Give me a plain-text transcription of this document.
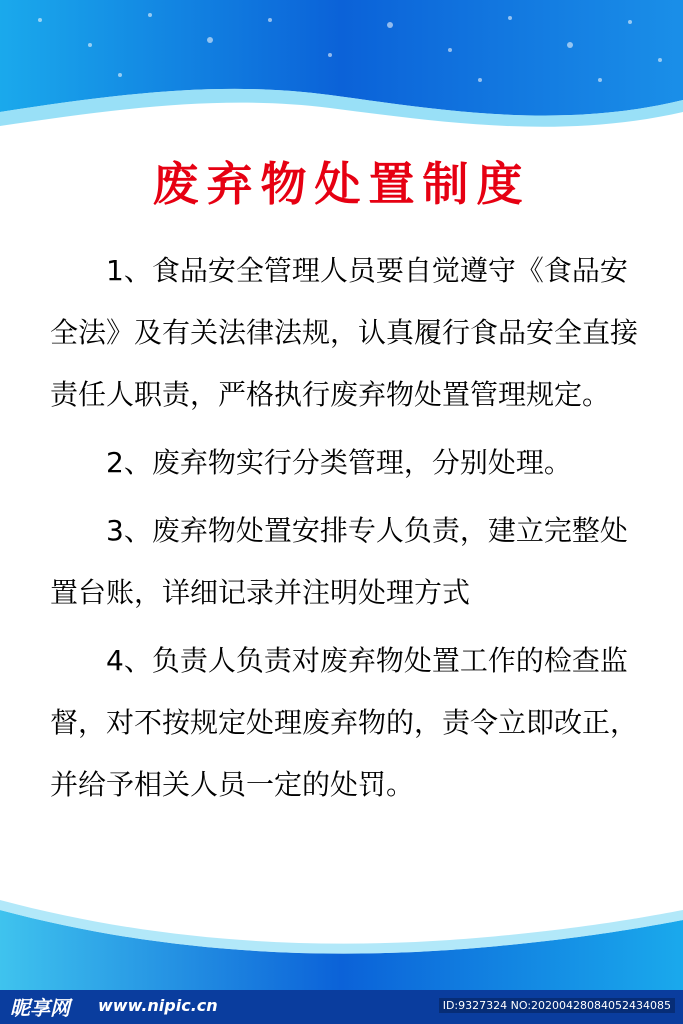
废弃物处置制度

1、食品安全管理人员要自觉遵守《食品安全法》及有关法律法规，认真履行食品安全直接责任人职责，严格执行废弃物处置管理规定。

2、废弃物实行分类管理，分别处理。

3、废弃物处置安排专人负责，建立完整处置台账，详细记录并注明处理方式

4、负责人负责对废弃物处置工作的检查监督，对不按规定处理废弃物的，责令立即改正，并给予相关人员一定的处罚。

昵享网 www.nipic.cn	ID:9327324 NO:20200428084052434085
